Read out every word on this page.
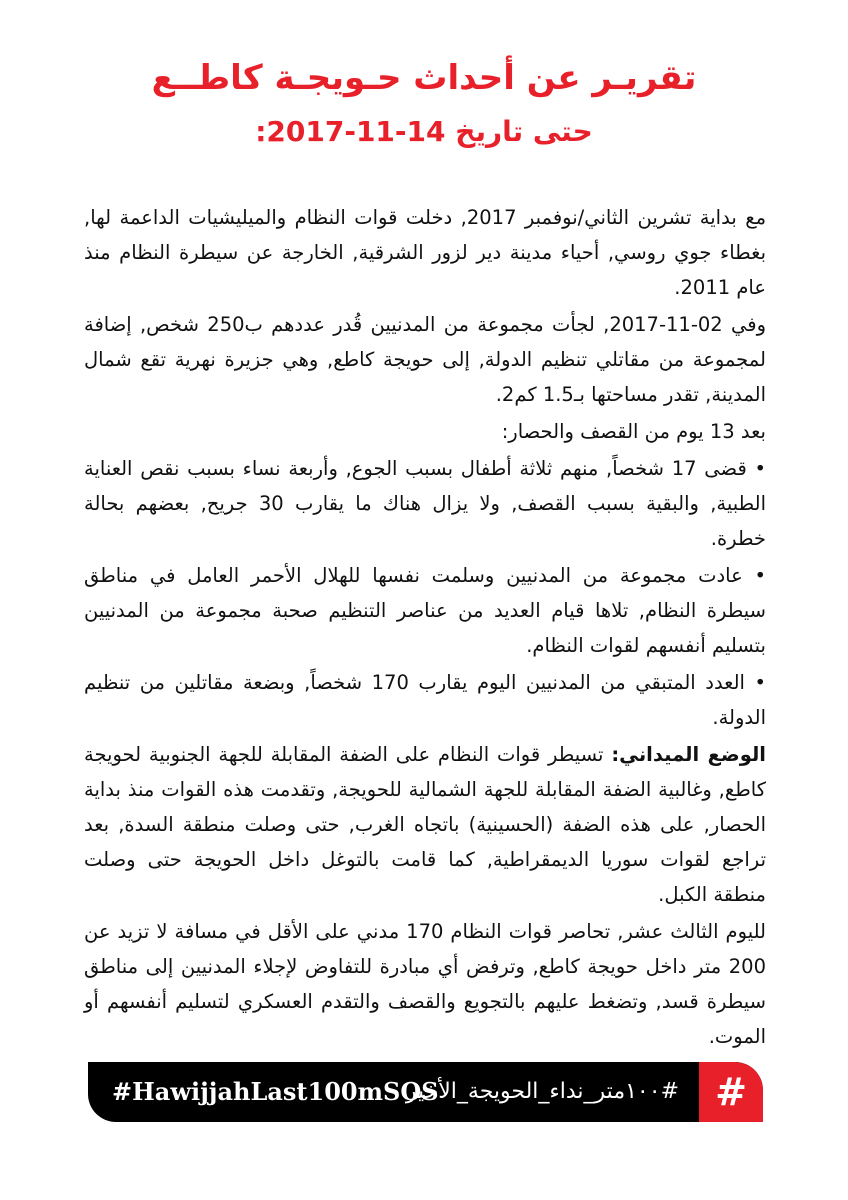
تقريـر عن أحداث حـويجـة كاطــع
حتى تاريخ 14-11-2017:

مع بداية تشرين الثاني/نوفمبر 2017, دخلت قوات النظام والميليشيات الداعمة لها, بغطاء جوي روسي, أحياء مدينة دير لزور الشرقية, الخارجة عن سيطرة النظام منذ عام 2011.

وفي 02-11-2017, لجأت مجموعة من المدنيين قُدر عددهم ب250 شخص, إضافة لمجموعة من مقاتلي تنظيم الدولة, إلى حويجة كاطع, وهي جزيرة نهرية تقع شمال المدينة, تقدر مساحتها بـ1.5 كم2.

بعد 13 يوم من القصف والحصار:

• قضى 17 شخصاً, منهم ثلاثة أطفال بسبب الجوع, وأربعة نساء بسبب نقص العناية الطبية, والبقية بسبب القصف, ولا يزال هناك ما يقارب 30 جريح, بعضهم بحالة خطرة.

• عادت مجموعة من المدنيين وسلمت نفسها للهلال الأحمر العامل في مناطق سيطرة النظام, تلاها قيام العديد من عناصر التنظيم صحبة مجموعة من المدنيين بتسليم أنفسهم لقوات النظام.

• العدد المتبقي من المدنيين اليوم يقارب 170 شخصاً, وبضعة مقاتلين من تنظيم الدولة.

الوضع الميداني: تسيطر قوات النظام على الضفة المقابلة للجهة الجنوبية لحويجة كاطع, وغالبية الضفة المقابلة للجهة الشمالية للحويجة, وتقدمت هذه القوات منذ بداية الحصار, على هذه الضفة (الحسينية) باتجاه الغرب, حتى وصلت منطقة السدة, بعد تراجع لقوات سوريا الديمقراطية, كما قامت بالتوغل داخل الحويجة حتى وصلت منطقة الكبل.

لليوم الثالث عشر, تحاصر قوات النظام 170 مدني على الأقل في مسافة لا تزيد عن 200 متر داخل حويجة كاطع, وترفض أي مبادرة للتفاوض لإجلاء المدنيين إلى مناطق سيطرة قسد, وتضغط عليهم بالتجويع والقصف والتقدم العسكري لتسليم أنفسهم أو الموت.

#
#١٠٠متر_نداء_الحويجة_الأخير
#HawijjahLast100mSOS
